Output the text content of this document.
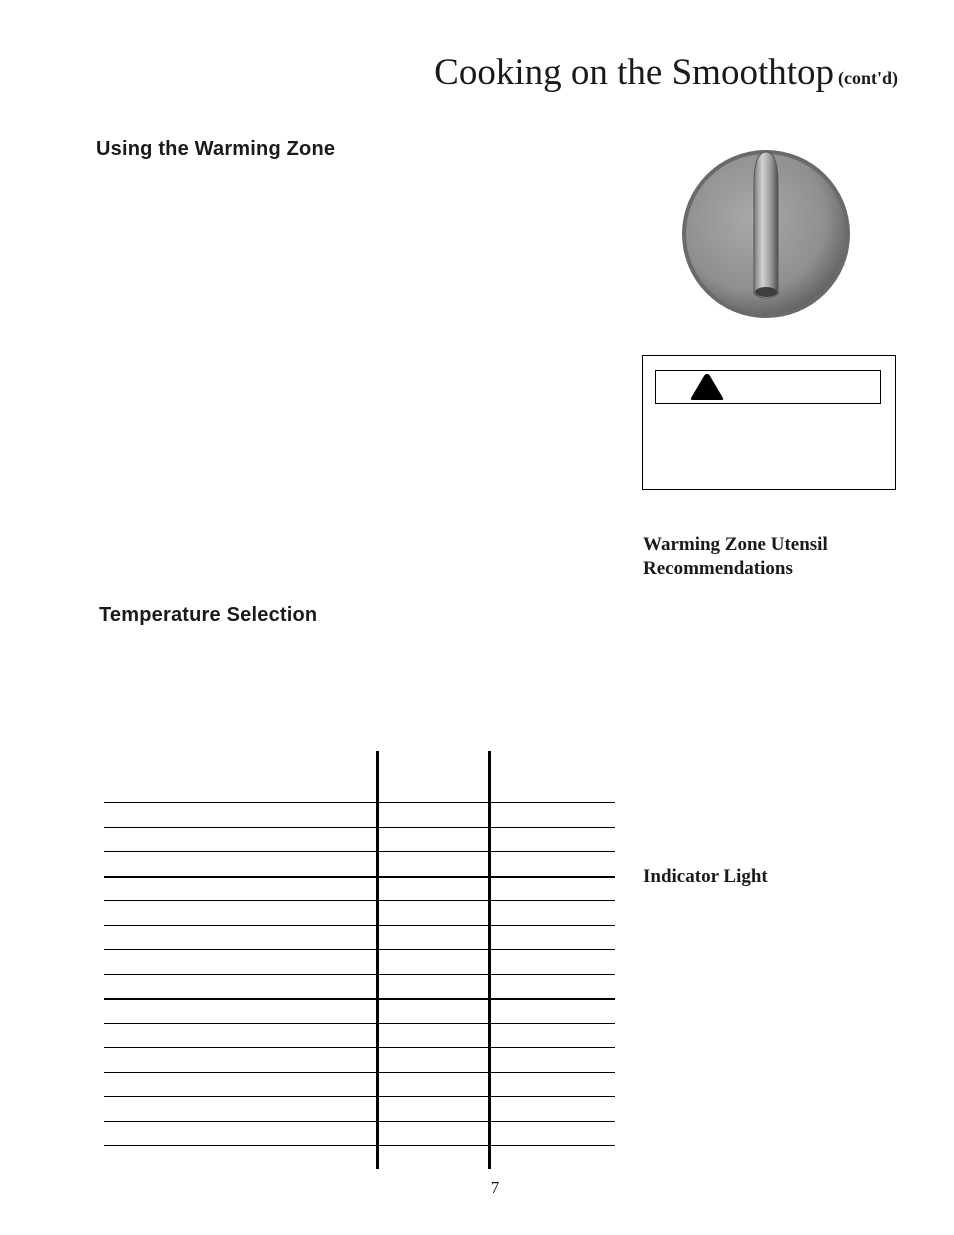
Cooking on the Smoothtop (cont'd)
Using the Warming Zone

Warming Zone Utensil Recommendations

Temperature Selection

Indicator Light

7
